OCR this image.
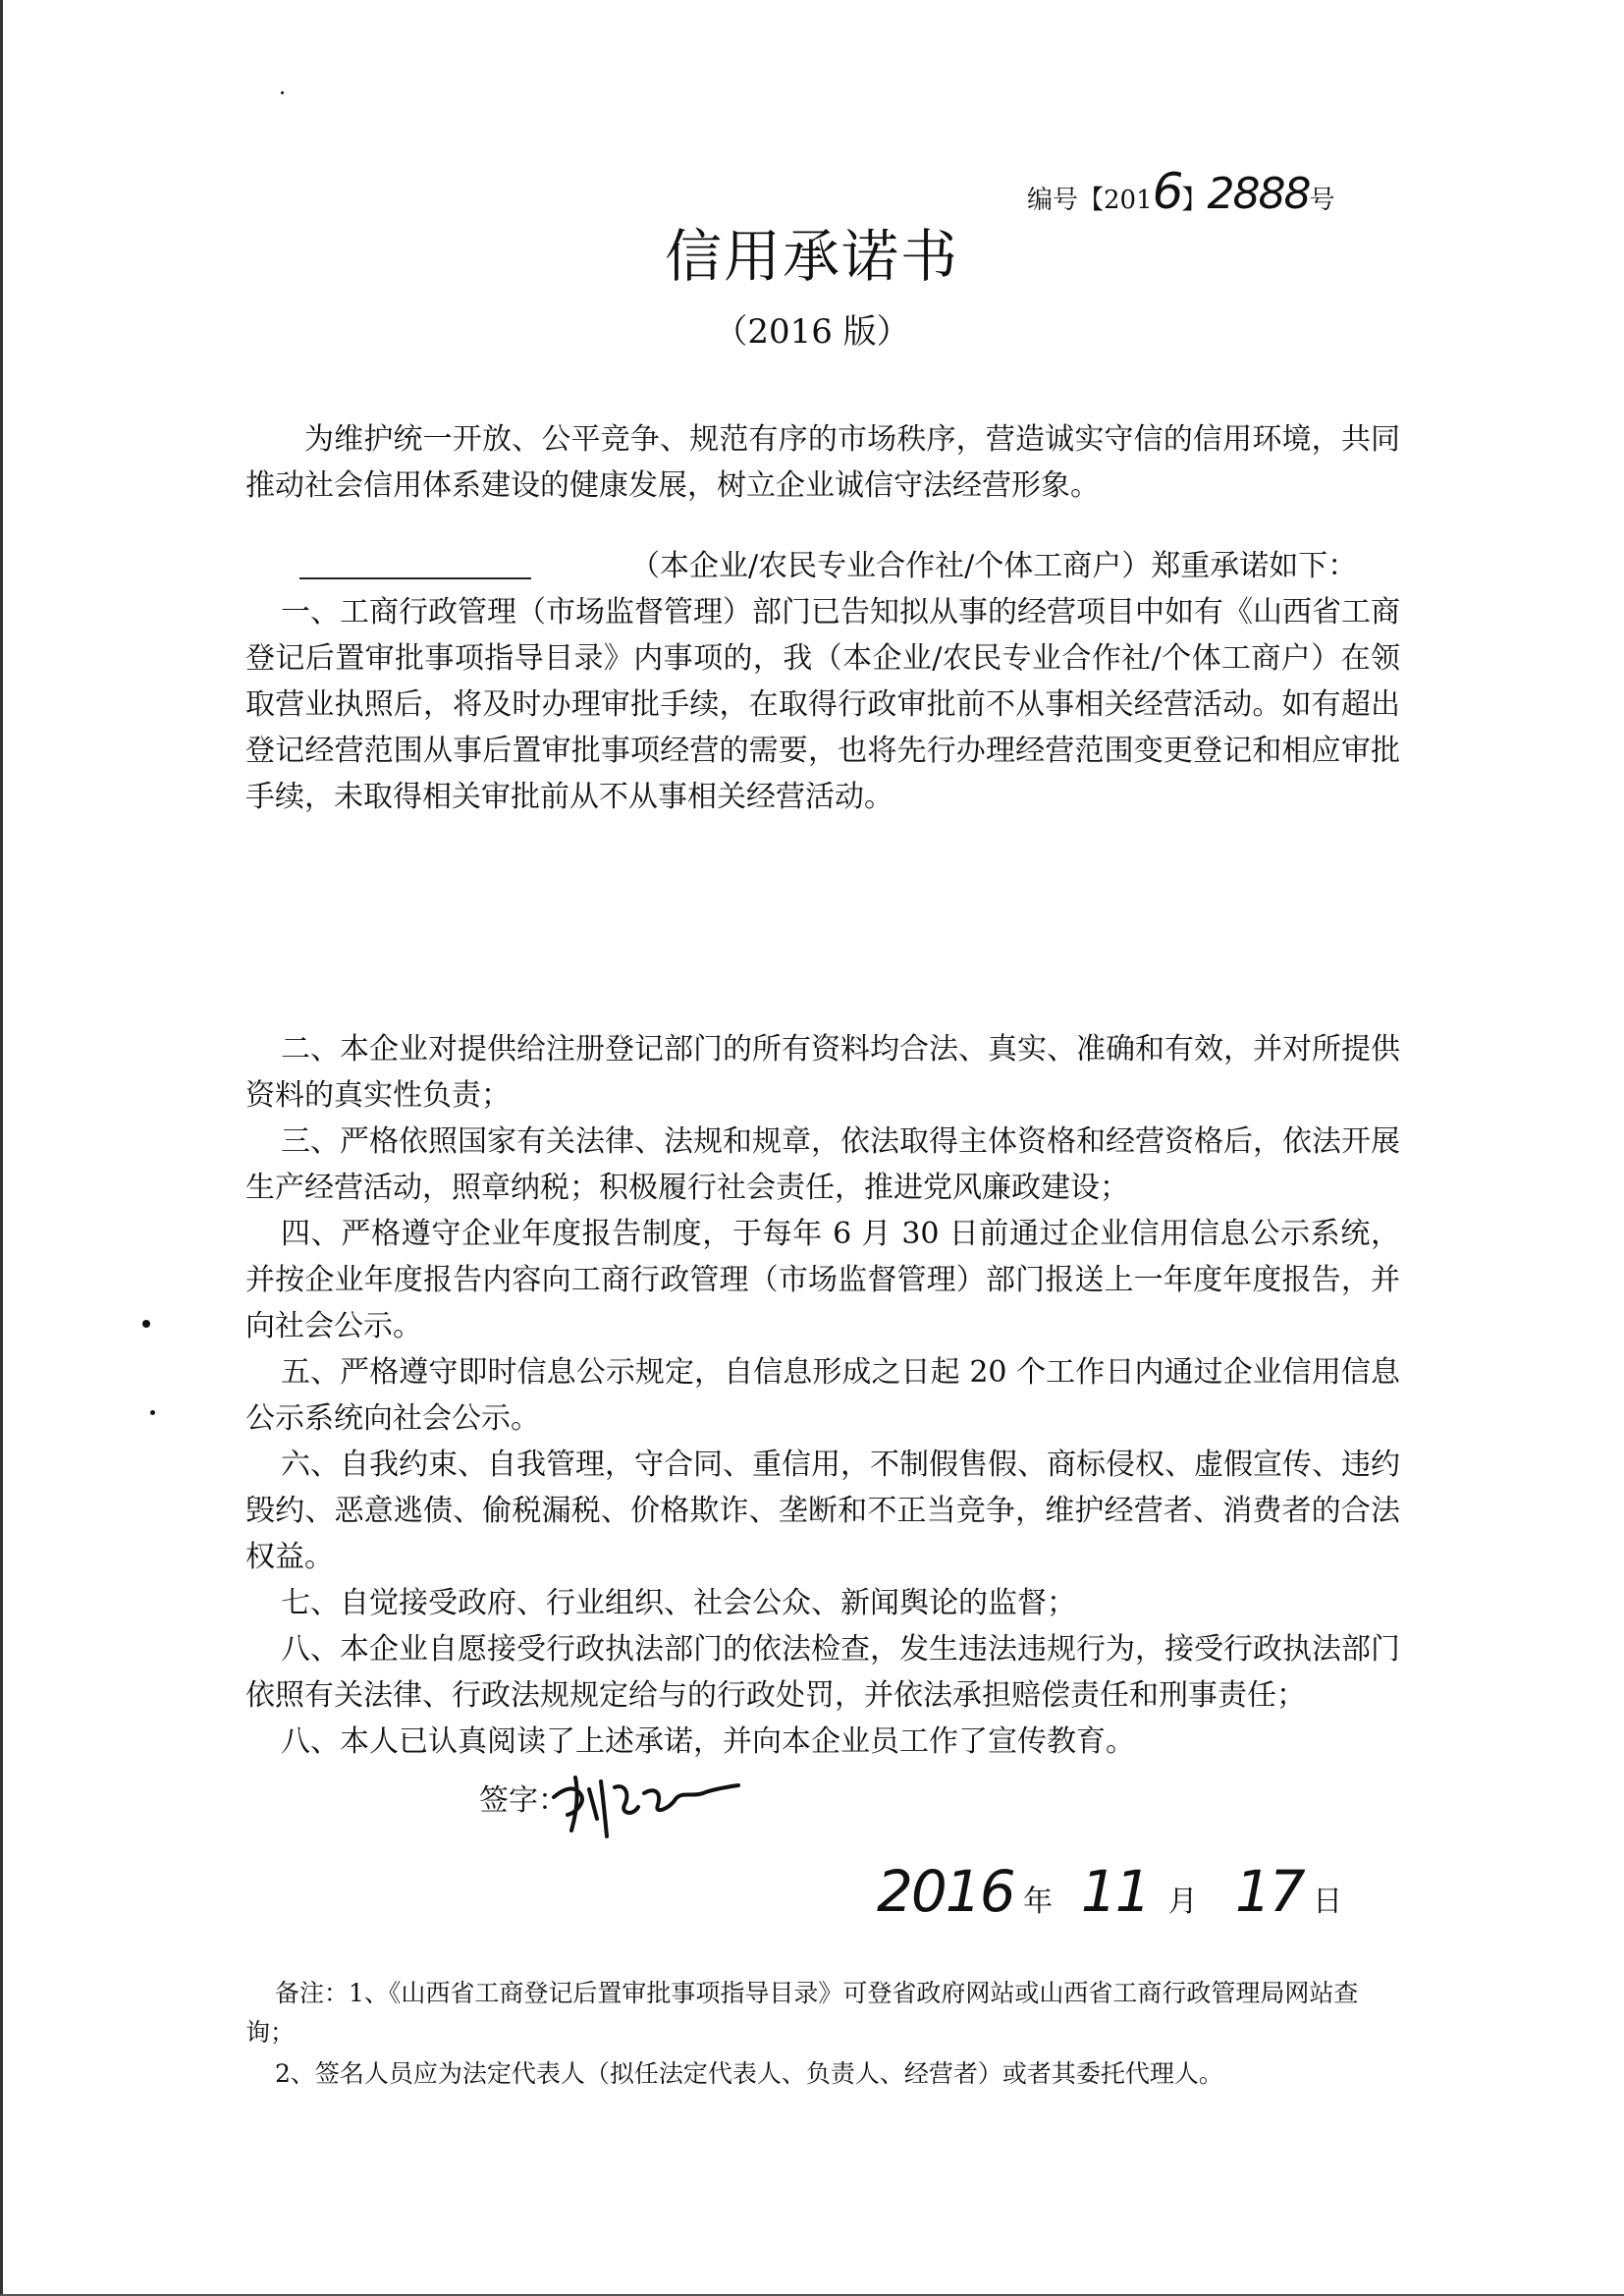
编号【2016】2888号
信用承诺书
（2016 版）
为维护统一开放、公平竞争、规范有序的市场秩序，营造诚实守信的信用环境，共同推动社会信用体系建设的健康发展，树立企业诚信守法经营形象。
（本企业/农民专业合作社/个体工商户）郑重承诺如下：
一、工商行政管理（市场监督管理）部门已告知拟从事的经营项目中如有《山西省工商登记后置审批事项指导目录》内事项的，我（本企业/农民专业合作社/个体工商户）在领取营业执照后，将及时办理审批手续，在取得行政审批前不从事相关经营活动。如有超出登记经营范围从事后置审批事项经营的需要，也将先行办理经营范围变更登记和相应审批手续，未取得相关审批前从不从事相关经营活动。

二、本企业对提供给注册登记部门的所有资料均合法、真实、准确和有效，并对所提供资料的真实性负责；

三、严格依照国家有关法律、法规和规章，依法取得主体资格和经营资格后，依法开展生产经营活动，照章纳税；积极履行社会责任，推进党风廉政建设；

四、严格遵守企业年度报告制度，于每年 6 月 30 日前通过企业信用信息公示系统，并按企业年度报告内容向工商行政管理（市场监督管理）部门报送上一年度年度报告，并向社会公示。

五、严格遵守即时信息公示规定，自信息形成之日起 20 个工作日内通过企业信用信息公示系统向社会公示。

六、自我约束、自我管理，守合同、重信用，不制假售假、商标侵权、虚假宣传、违约毁约、恶意逃债、偷税漏税、价格欺诈、垄断和不正当竞争，维护经营者、消费者的合法权益。

七、自觉接受政府、行业组织、社会公众、新闻舆论的监督；

八、本企业自愿接受行政执法部门的依法检查，发生违法违规行为，接受行政执法部门依照有关法律、行政法规规定给与的行政处罚，并依法承担赔偿责任和刑事责任；

八、本人已认真阅读了上述承诺，并向本企业员工作了宣传教育。

签字：
2016 年 11 月 17 日
备注：1、《山西省工商登记后置审批事项指导目录》可登省政府网站或山西省工商行政管理局网站查询；
2、签名人员应为法定代表人（拟任法定代表人、负责人、经营者）或者其委托代理人。
